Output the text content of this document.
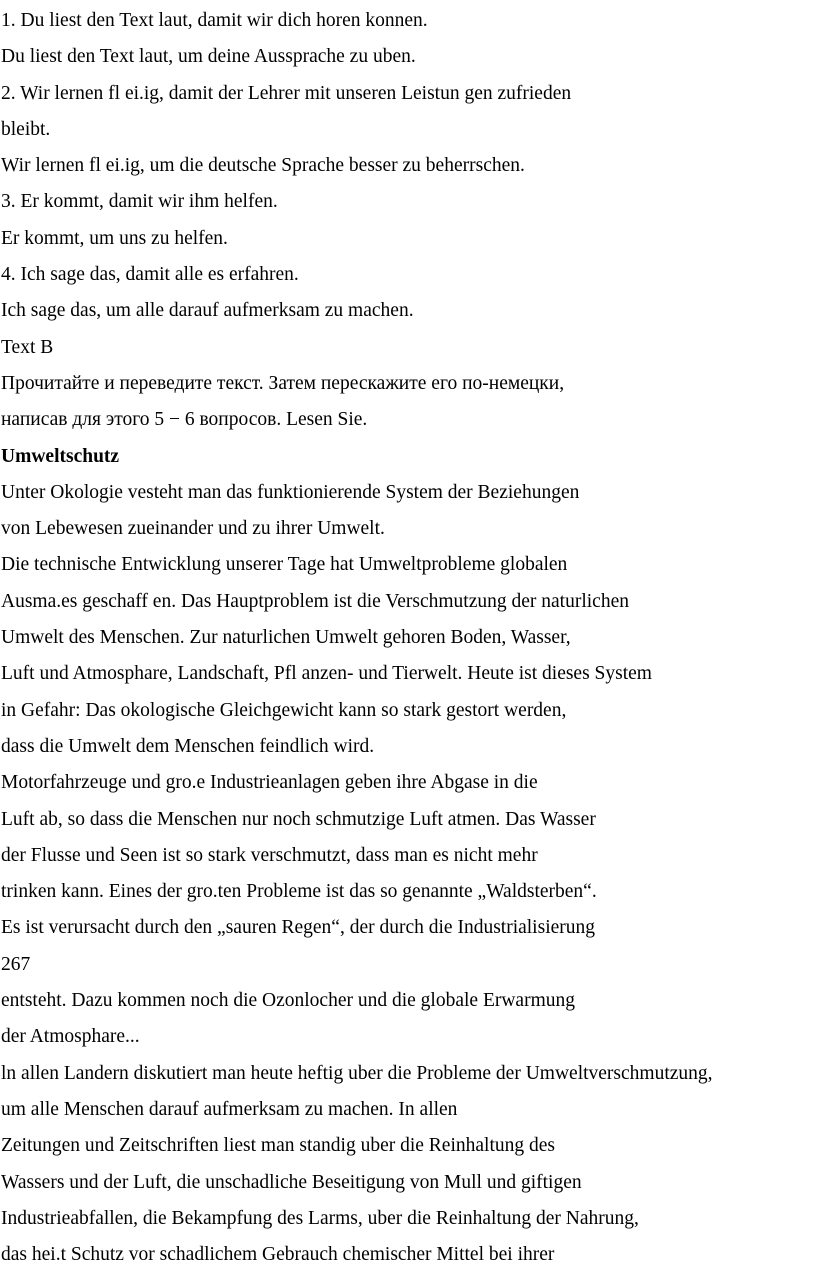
1. Du liest den Text laut, damit wir dich horen konnen.
Du liest den Text laut, um deine Aussprache zu uben.
2. Wir lernen fl ei.ig, damit der Lehrer mit unseren Leistun gen zufrieden
bleibt.
Wir lernen fl ei.ig, um die deutsche Sprache besser zu beherrschen.
3. Er kommt, damit wir ihm helfen.
Er kommt, um uns zu helfen.
4. Ich sage das, damit alle es erfahren.
Ich sage das, um alle darauf aufmerksam zu machen.
Text B
Прочитайте и переведите текст. Затем перескажите его по-немецки,
написав для этого 5 − 6 вопросов. Lesen Sie.
Umweltschutz
Unter Okologie vesteht man das funktionierende System der Beziehungen
von Lebewesen zueinander und zu ihrer Umwelt.
Die technische Entwicklung unserer Tage hat Umweltprobleme globalen
Ausma.es geschaff en. Das Hauptproblem ist die Verschmutzung der naturlichen
Umwelt des Menschen. Zur naturlichen Umwelt gehoren Boden, Wasser,
Luft und Atmosphare, Landschaft, Pfl anzen- und Tierwelt. Heute ist dieses System
in Gefahr: Das okologische Gleichgewicht kann so stark gestort werden,
dass die Umwelt dem Menschen feindlich wird.
Motorfahrzeuge und gro.e Industrieanlagen geben ihre Abgase in die
Luft ab, so dass die Menschen nur noch schmutzige Luft atmen. Das Wasser
der Flusse und Seen ist so stark verschmutzt, dass man es nicht mehr
trinken kann. Eines der gro.ten Probleme ist das so genannte „Waldsterben“.
Es ist verursacht durch den „sauren Regen“, der durch die Industrialisierung
267
entsteht. Dazu kommen noch die Ozonlocher und die globale Erwarmung
der Atmosphare...
ln allen Landern diskutiert man heute heftig uber die Probleme der Umweltverschmutzung,
um alle Menschen darauf aufmerksam zu machen. In allen
Zeitungen und Zeitschriften liest man standig uber die Reinhaltung des
Wassers und der Luft, die unschadliche Beseitigung von Mull und giftigen
Industrieabfallen, die Bekampfung des Larms, uber die Reinhaltung der Nahrung,
das hei.t Schutz vor schadlichem Gebrauch chemischer Mittel bei ihrer
